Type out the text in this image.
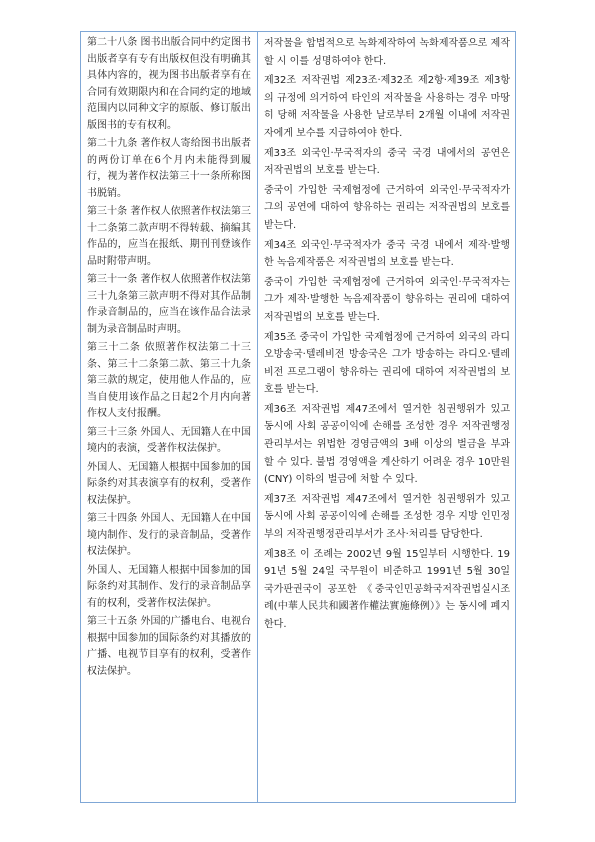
第二十八条 图书出版合同中约定图书出版者享有专有出版权但没有明确其具体内容的，视为图书出版者享有在合同有效期限内和在合同约定的地域范围内以同种文字的原版、修订版出版图书的专有权利。

第二十九条 著作权人寄给图书出版者的两份订单在6个月内未能得到履行，视为著作权法第三十一条所称图书脱销。

第三十条 著作权人依照著作权法第三十二条第二款声明不得转载、摘编其作品的，应当在报纸、期刊刊登该作品时附带声明。

第三十一条 著作权人依照著作权法第三十九条第三款声明不得对其作品制作录音制品的，应当在该作品合法录制为录音制品时声明。

第三十二条 依照著作权法第二十三条、第三十二条第二款、第三十九条第三款的规定，使用他人作品的，应当自使用该作品之日起2个月内向著作权人支付报酬。

第三十三条 外国人、无国籍人在中国境内的表演，受著作权法保护。

外国人、无国籍人根据中国参加的国际条约对其表演享有的权利，受著作权法保护。

第三十四条 外国人、无国籍人在中国境内制作、发行的录音制品，受著作权法保护。

外国人、无国籍人根据中国参加的国际条约对其制作、发行的录音制品享有的权利，受著作权法保护。

第三十五条 外国的广播电台、电视台根据中国参加的国际条约对其播放的广播、电视节目享有的权利，受著作权法保护。

저작물을 합법적으로 녹화제작하여 녹화제작품으로 제작할 시 이를 성명하여야 한다.

제32조 저작권법 제23조·제32조 제2항·제39조 제3항의 규정에 의거하여 타인의 저작물을 사용하는 경우 마땅히 당해 저작물을 사용한 날로부터 2개월 이내에 저작권자에게 보수를 지급하여야 한다.

제33조 외국인·무국적자의 중국 국경 내에서의 공연은 저작권법의 보호를 받는다.

중국이 가입한 국제협정에 근거하여 외국인·무국적자가 그의 공연에 대하여 향유하는 권리는 저작권법의 보호를 받는다.

제34조 외국인·무국적자가 중국 국경 내에서 제작·발행한 녹음제작품은 저작권법의 보호를 받는다.

중국이 가입한 국제협정에 근거하여 외국인·무국적자는 그가 제작·발행한 녹음제작품이 향유하는 권리에 대하여 저작권법의 보호를 받는다.

제35조 중국이 가입한 국제협정에 근거하여 외국의 라디오방송국·텔레비전 방송국은 그가 방송하는 라디오·텔레비전 프로그램이 향유하는 권리에 대하여 저작권법의 보호를 받는다.

제36조 저작권법 제47조에서 열거한 침권행위가 있고 동시에 사회 공공이익에 손해를 조성한 경우 저작권행정관리부서는 위법한 경영금액의 3배 이상의 벌금을 부과할 수 있다. 불법 경영액을 계산하기 어려운 경우 10만원(CNY) 이하의 벌금에 처할 수 있다.

제37조 저작권법 제47조에서 열거한 침권행위가 있고 동시에 사회 공공이익에 손해를 조성한 경우 지방 인민정부의 저작권행정관리부서가 조사·처리를 담당한다.

제38조 이 조례는 2002년 9월 15일부터 시행한다. 1991년 5월 24일 국무원이 비준하고 1991년 5월 30일 국가판권국이 공포한 《중국인민공화국저작권법실시조례(中華人民共和國著作權法實施條例）》는 동시에 폐지한다.
